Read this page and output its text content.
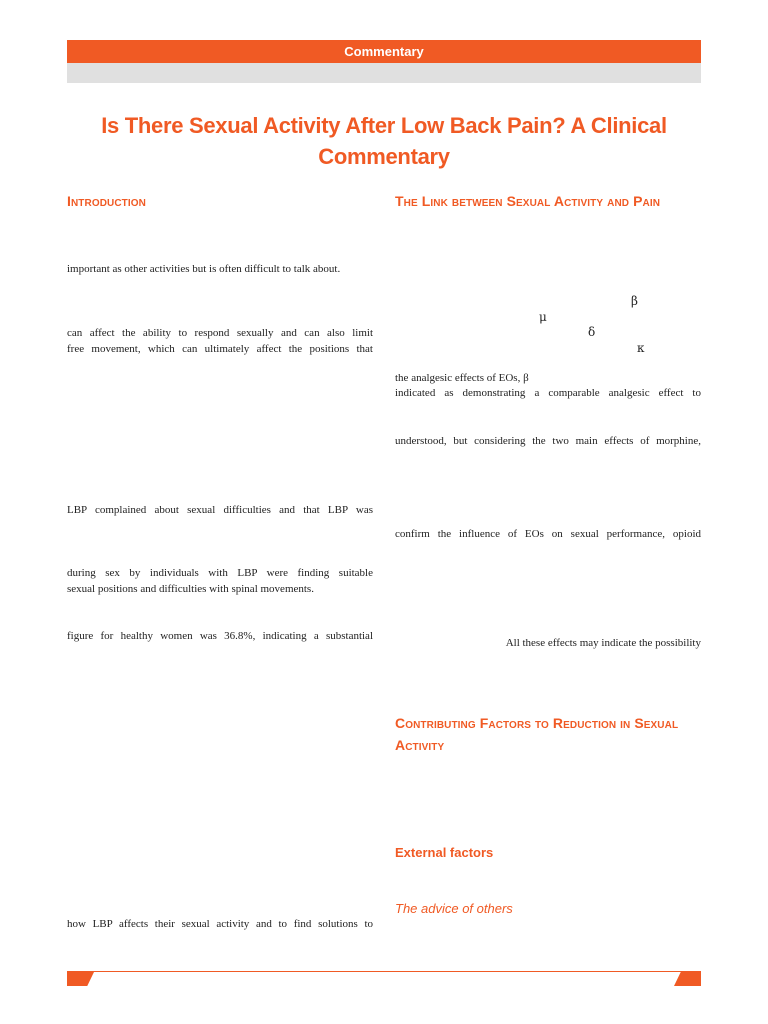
Commentary
Is There Sexual Activity After Low Back Pain? A Clinical Commentary
Introduction
important as other activities but is often difficult to talk about.
can affect the ability to respond sexually and can also limit
free movement, which can ultimately affect the positions that
LBP complained about sexual difficulties and that LBP was
during sex by individuals with LBP were finding suitable
sexual positions and difficulties with spinal movements.
figure for healthy women was 36.8%, indicating a substantial
how LBP affects their sexual activity and to find solutions to
The Link between Sexual Activity and Pain
β
μ
δ
κ
the analgesic effects of EOs, β
indicated as demonstrating a comparable analgesic effect to
understood, but considering the two main effects of morphine,
confirm the influence of EOs on sexual performance, opioid
All these effects may indicate the possibility
Contributing Factors to Reduction in Sexual Activity
External factors
The advice of others
